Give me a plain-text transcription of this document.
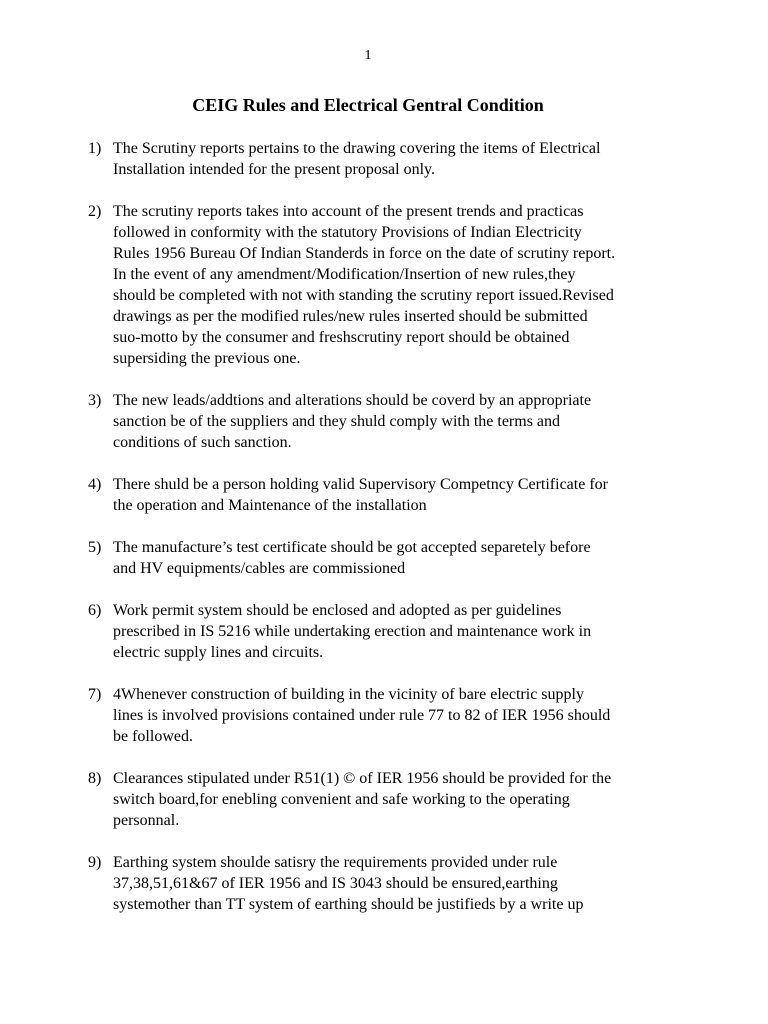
1
CEIG Rules and Electrical Gentral Condition
1) The Scrutiny reports pertains to the drawing covering the items of Electrical
Installation intended for the present proposal only.
2) The scrutiny reports takes into account of the present trends and practicas
followed in conformity with the statutory Provisions of Indian Electricity
Rules 1956 Bureau Of Indian Standerds in force on the date of scrutiny report.
In the event of any amendment/Modification/Insertion of new rules,they
should be completed with not with standing the scrutiny report issued.Revised
drawings as per the modified rules/new rules inserted should be submitted
suo-motto by the consumer and freshscrutiny report should be obtained
supersiding the previous one.
3) The new leads/addtions and alterations should be coverd by an appropriate
sanction be of the suppliers and they shuld comply with the terms and
conditions of such sanction.
4) There shuld be a person holding valid Supervisory Competncy Certificate for
the operation and Maintenance of the installation
5) The manufacture’s test certificate should be got accepted separetely before
and HV equipments/cables are commissioned
6) Work permit system should be enclosed and adopted as per guidelines
prescribed in IS 5216 while undertaking erection and maintenance work in
electric supply lines and circuits.
7) 4Whenever construction of building in the vicinity of bare electric supply
lines is involved provisions contained under rule 77 to 82 of IER 1956 should
be followed.
8) Clearances stipulated under R51(1) © of IER 1956 should be provided for the
switch board,for enebling convenient and safe working to the operating
personnal.
9) Earthing system shoulde satisry the requirements provided under rule
37,38,51,61&67 of IER 1956 and IS 3043 should be ensured,earthing
systemother than TT system of earthing should be justifieds by a write up
